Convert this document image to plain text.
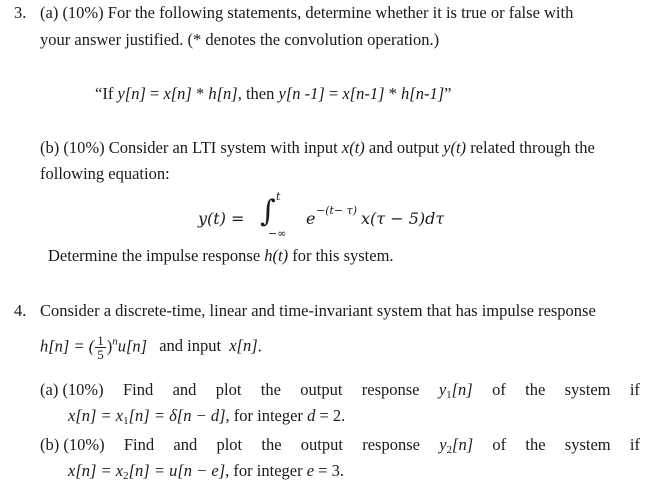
3. (a) (10%) For the following statements, determine whether it is true or false with
your answer justified. (* denotes the convolution operation.)
“If y[n] = x[n] * h[n], then y[n -1] = x[n-1] * h[n-1]”
(b) (10%) Consider an LTI system with input x(t) and output y(t) related through the
following equation:
y(t) = ∫ t
−∞
e −(t− τ) x(τ − 5)dτ
Determine the impulse response h(t) for this system.
4. Consider a discrete-time, linear and time-invariant system that has impulse response
h[n] = ( $\frac{1}{5} )^nu[n]$ and input x[n].
(a) (10%) Find and plot the output response $y_1[n]$ of the system if
$x[n] = x_1[n] = \delta[n - d]$, for integer d = 2.
(b) (10%) Find and plot the output response $y_2[n]$ of the system if
$x[n] = x_2[n] = u[n - e]$, for integer e = 3.
